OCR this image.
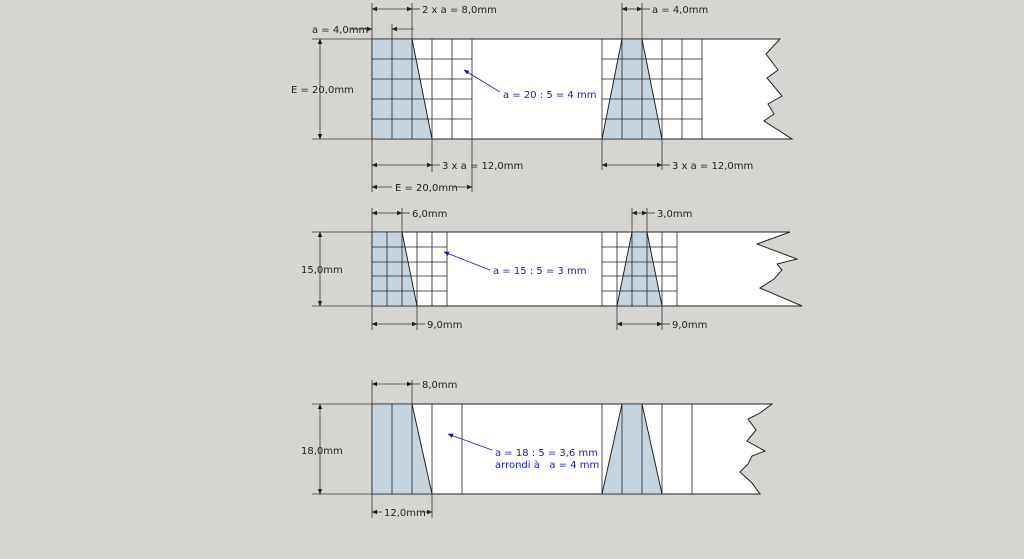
a = 4,0mm
2 x a = 8,0mm
E = 20,0mm
3 x a = 12,0mm
E = 20,0mm
a = 20 : 5 = 4 mm
a = 4,0mm
3 x a = 12,0mm
6,0mm
15,0mm
9,0mm
a = 15 : 5 = 3 mm
3,0mm
9,0mm
8,0mm
18,0mm
12,0mm
a = 18 : 5 = 3,6 mm
arrondi à   a = 4 mm
